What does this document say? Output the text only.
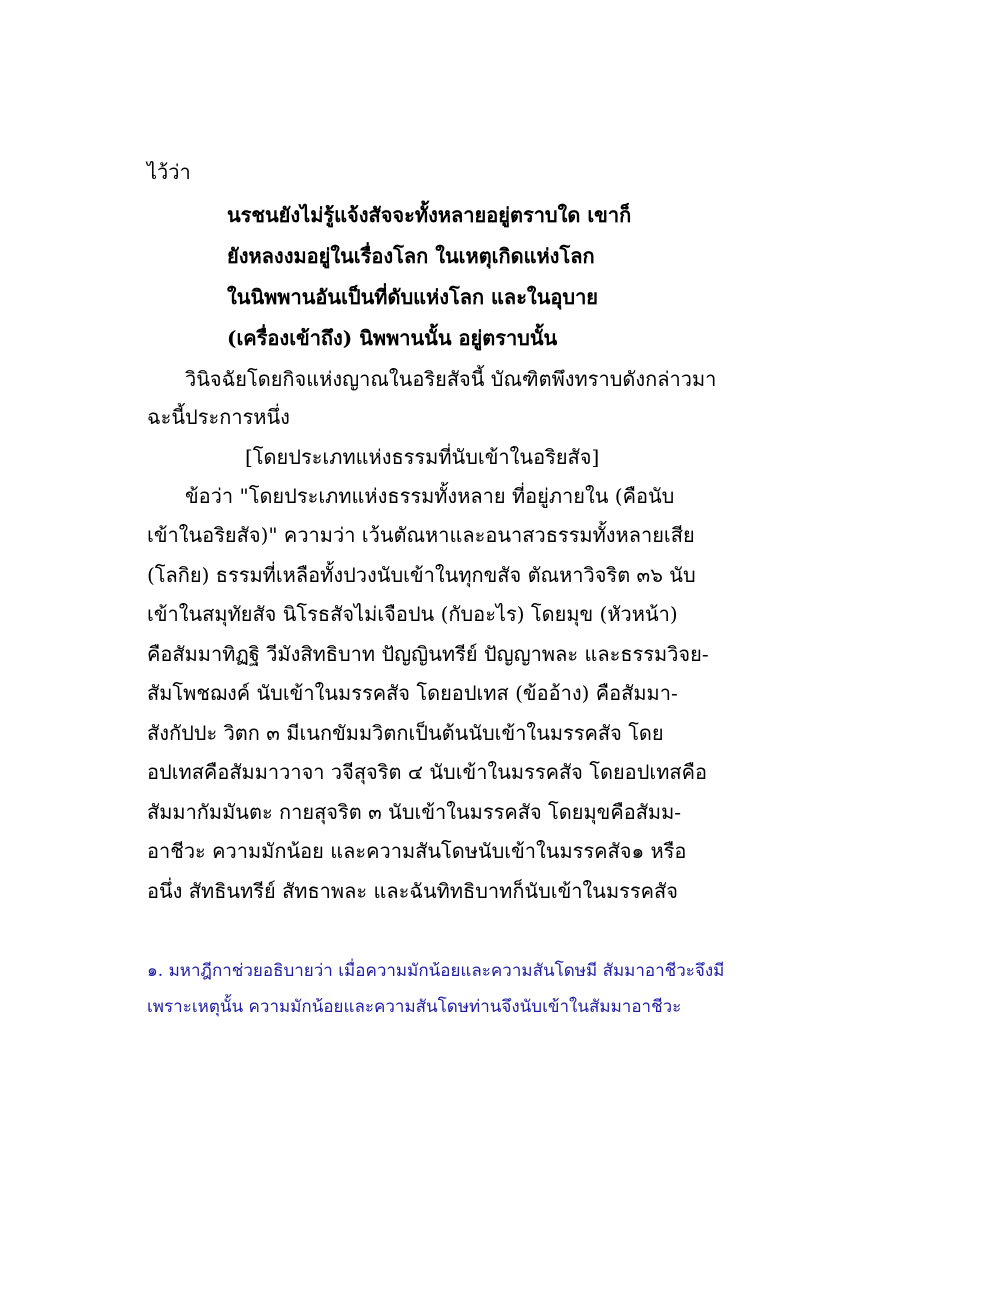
ไว้ว่า
นรชนยังไม่รู้แจ้งสัจจะทั้งหลายอยู่ตราบใด เขาก็
ยังหลงงมอยู่ในเรื่องโลก ในเหตุเกิดแห่งโลก
ในนิพพานอันเป็นที่ดับแห่งโลก และในอุบาย
(เครื่องเข้าถึง) นิพพานนั้น อยู่ตราบนั้น
วินิจฉัยโดยกิจแห่งญาณในอริยสัจนี้ บัณฑิตพึงทราบดังกล่าวมา
ฉะนี้ประการหนึ่ง
[โดยประเภทแห่งธรรมที่นับเข้าในอริยสัจ]
ข้อว่า "โดยประเภทแห่งธรรมทั้งหลาย ที่อยู่ภายใน (คือนับ
เข้าในอริยสัจ)" ความว่า เว้นตัณหาและอนาสวธรรมทั้งหลายเสีย
(โลกิย) ธรรมที่เหลือทั้งปวงนับเข้าในทุกขสัจ ตัณหาวิจริต ๓๖ นับ
เข้าในสมุทัยสัจ นิโรธสัจไม่เจือปน (กับอะไร) โดยมุข (หัวหน้า)
คือสัมมาทิฏฐิ วีมังสิทธิบาท ปัญญินทรีย์ ปัญญาพละ และธรรมวิจย-
สัมโพชฌงค์ นับเข้าในมรรคสัจ โดยอปเทส (ข้ออ้าง) คือสัมมา-
สังกัปปะ วิตก ๓ มีเนกขัมมวิตกเป็นต้นนับเข้าในมรรคสัจ โดย
อปเทสคือสัมมาวาจา วจีสุจริต ๔ นับเข้าในมรรคสัจ โดยอปเทสคือ
สัมมากัมมันตะ กายสุจริต ๓ นับเข้าในมรรคสัจ โดยมุขคือสัมม-
อาชีวะ ความมักน้อย และความสันโดษนับเข้าในมรรคสัจ๑ หรือ
อนึ่ง สัทธินทรีย์ สัทธาพละ และฉันทิทธิบาทก็นับเข้าในมรรคสัจ
๑. มหาฎีกาช่วยอธิบายว่า เมื่อความมักน้อยและความสันโดษมี สัมมาอาชีวะจึงมี
เพราะเหตุนั้น ความมักน้อยและความสันโดษท่านจึงนับเข้าในสัมมาอาชีวะ
